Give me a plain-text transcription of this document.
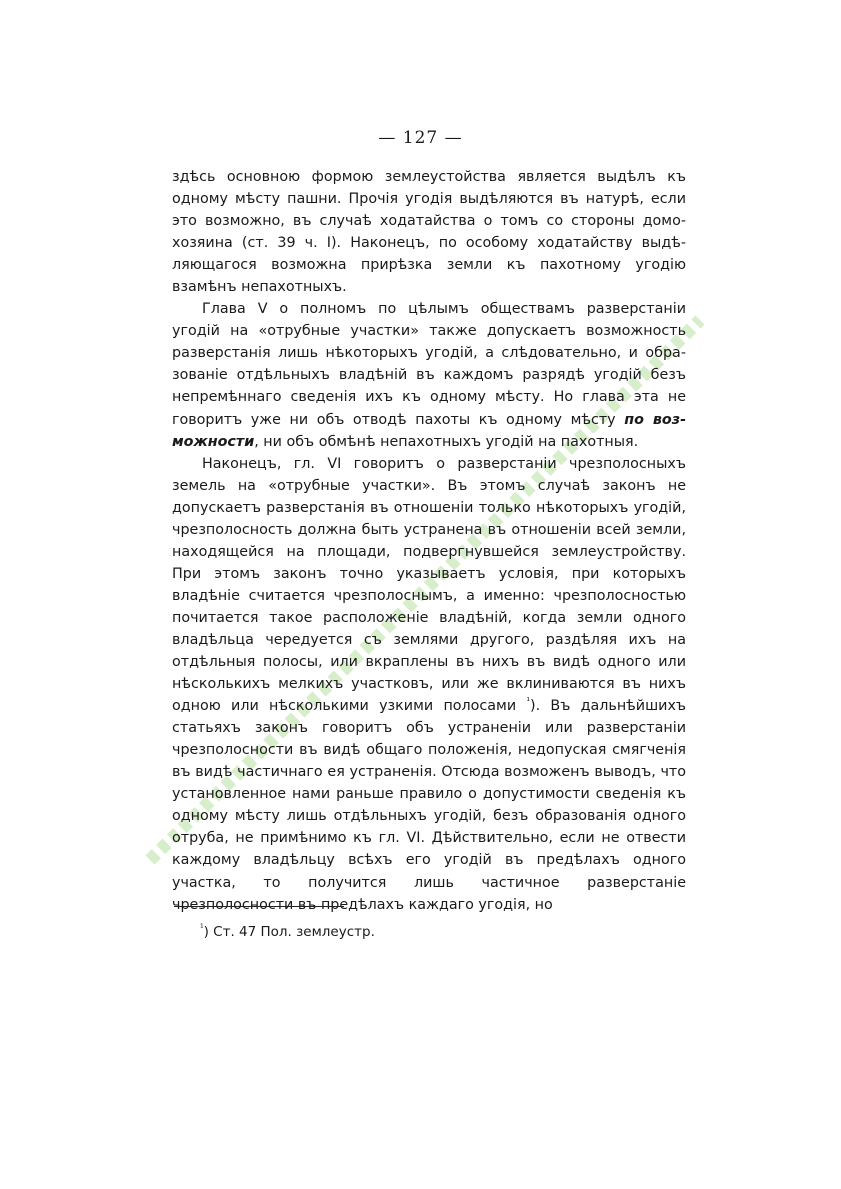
— 127 —

здѣсь основною формою землеустойства является выдѣлъ къ одному мѣсту пашни. Прочія угодія выдѣляются въ натурѣ, если это возможно, въ случаѣ ходатайства о томъ со стороны домохозяина (ст. 39 ч. I). Наконецъ, по особому ходатайству выдѣляющагося возможна прирѣзка земли къ пахотному угодію взамѣнъ непахотныхъ.

Глава V о полномъ по цѣлымъ обществамъ разверстаніи угодій на «отрубные участки» также допускаетъ возможность разверстанія лишь нѣкоторыхъ угодій, а слѣдовательно, и образованіе отдѣльныхъ владѣній въ каждомъ разрядѣ угодій безъ непремѣннаго сведенія ихъ къ одному мѣсту. Но глава эта не говоритъ уже ни объ отводѣ пахоты къ одному мѣсту по возможности, ни объ обмѣнѣ непахотныхъ угодій на пахотныя.

Наконецъ, гл. VI говоритъ о разверстаніи чрезполосныхъ земель на «отрубные участки». Въ этомъ случаѣ законъ не допускаетъ разверстанія въ отношеніи только нѣкоторыхъ угодій, чрезполосность должна быть устранена въ отношеніи всей земли, находящейся на площади, подвергнувшейся землеустройству. При этомъ законъ точно указываетъ условія, при которыхъ владѣніе считается чрезполоснымъ, а именно: чрезполосностью почитается такое расположеніе владѣній, когда земли одного владѣльца чередуется съ землями другого, раздѣляя ихъ на отдѣльныя полосы, или вкраплены въ нихъ въ видѣ одного или нѣсколькихъ мелкихъ участковъ, или же вклиниваются въ нихъ одною или нѣсколькими узкими полосами $^{^1}$). Въ дальнѣйшихъ статьяхъ законъ говоритъ объ устраненіи или разверстаніи чрезполосности въ видѣ общаго положенія, недопуская смягченія въ видѣ частичнаго ея устраненія. Отсюда возможенъ выводъ, что установленное нами раньше правило о допустимости сведенія къ одному мѣсту лишь отдѣльныхъ угодій, безъ образованія одного отруба, не примѣнимо къ гл. VI. Дѣйствительно, если не отвести каждому владѣльцу всѣхъ его угодій въ предѣлахъ одного участка, то получится лишь частичное разверстаніе чрезполосности въ предѣлахъ каждаго угодія, но

$^{^1}$) Ст. 47 Пол. землеустр.
